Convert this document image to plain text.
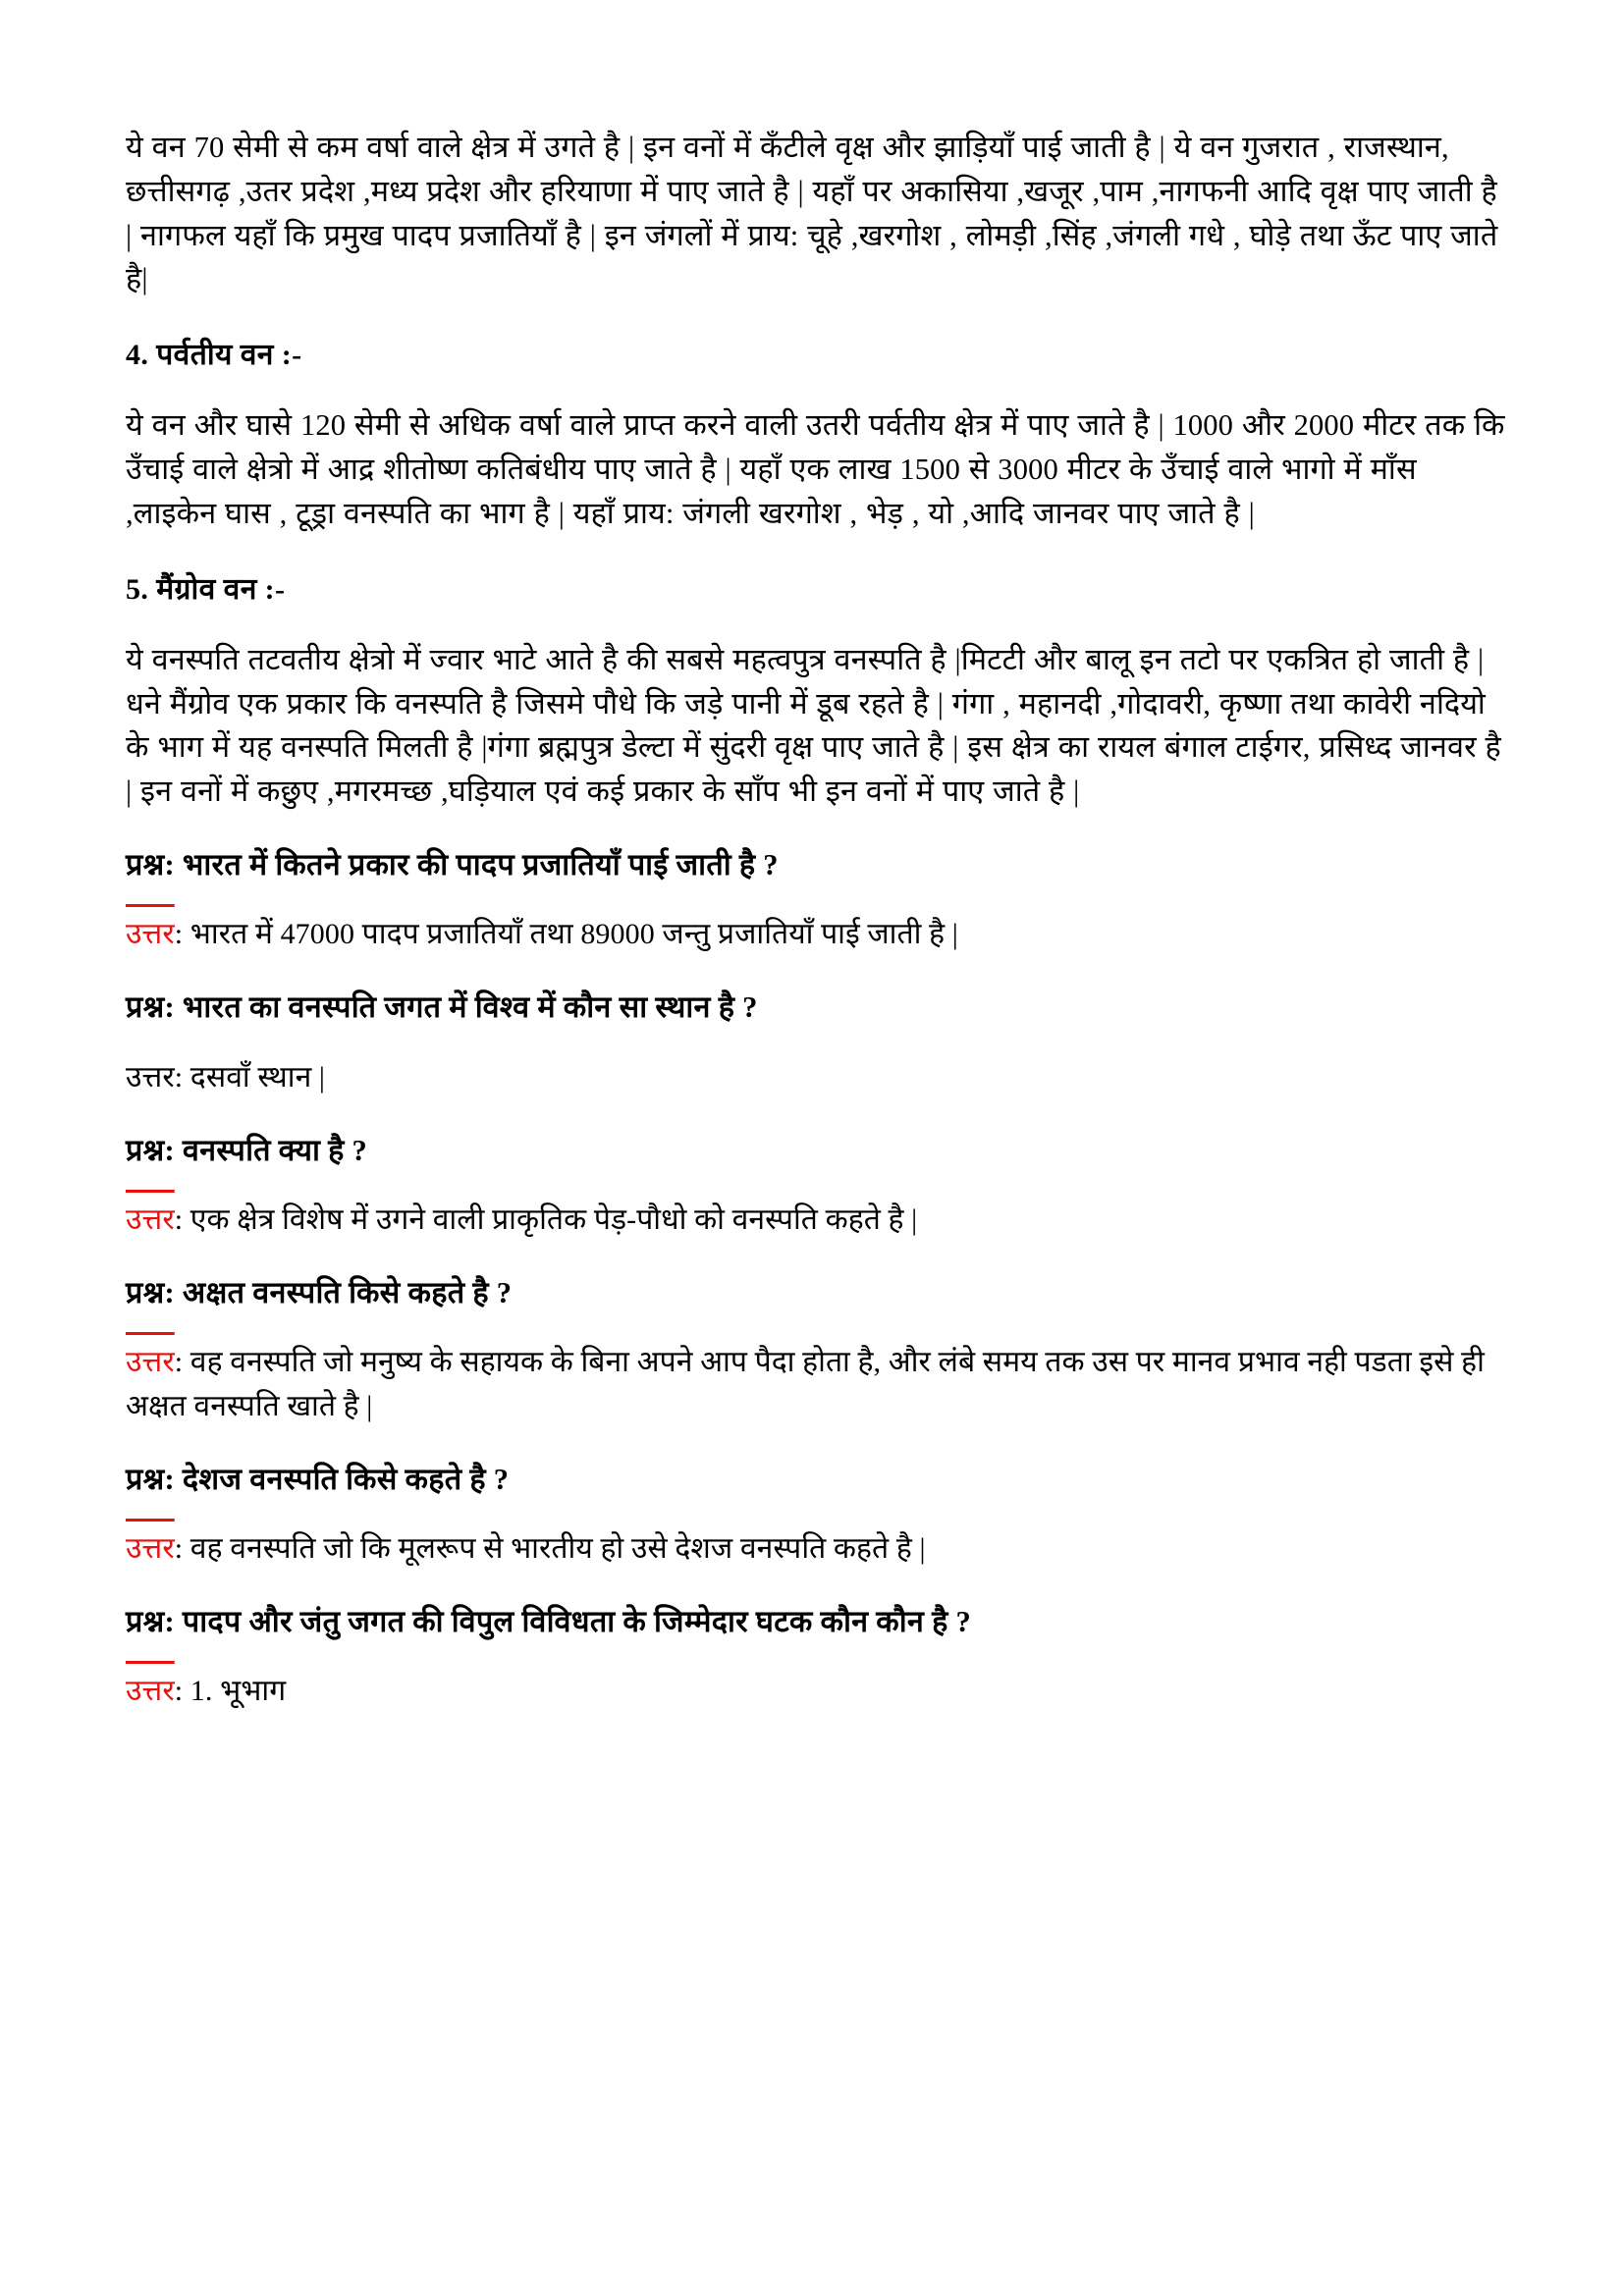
ये वन 70 सेमी से कम वर्षा वाले क्षेत्र में उगते है | इन वनों में कँटीले वृक्ष और झाड़ियाँ पाई जाती है | ये वन गुजरात , राजस्थान, छत्तीसगढ़ ,उतर प्रदेश ,मध्य प्रदेश और हरियाणा में पाए जाते है | यहाँ पर अकासिया ,खजूर ,पाम ,नागफनी आदि वृक्ष पाए जाती है | नागफल यहाँ कि प्रमुख पादप प्रजातियाँ है | इन जंगलों में प्राय: चूहे ,खरगोश , लोमड़ी ,सिंह ,जंगली गधे , घोड़े तथा ऊँट पाए जाते है|

4. पर्वतीय वन :-

ये वन और घासे 120 सेमी से अधिक वर्षा वाले प्राप्त करने वाली उतरी पर्वतीय क्षेत्र में पाए जाते है | 1000 और 2000 मीटर तक कि उँचाई वाले क्षेत्रो में आद्र शीतोष्ण कतिबंधीय पाए जाते है | यहाँ एक लाख 1500 से 3000 मीटर के उँचाई वाले भागो में माँस ,लाइकेन घास , टूड्रा वनस्पति का भाग है | यहाँ प्राय: जंगली खरगोश , भेड़ , यो ,आदि जानवर पाए जाते है |

5. मैंग्रोव वन :-

ये वनस्पति तटवतीय क्षेत्रो में ज्वार भाटे आते है की सबसे महत्वपुत्र वनस्पति है |मिटटी और बालू इन तटो पर एकत्रित हो जाती है | धने मैंग्रोव एक प्रकार कि वनस्पति है जिसमे पौधे कि जड़े पानी में डूब रहते है | गंगा , महानदी ,गोदावरी, कृष्णा तथा कावेरी नदियो के भाग में यह वनस्पति मिलती है |गंगा ब्रह्मपुत्र डेल्टा में सुंदरी वृक्ष पाए जाते है | इस क्षेत्र का रायल बंगाल टाईगर, प्रसिध्द जानवर है | इन वनों में कछुए ,मगरमच्छ ,घड़ियाल एवं कई प्रकार के साँप भी इन वनों में पाए जाते है |

प्रश्न: भारत में कितने प्रकार की पादप प्रजातियाँ पाई जाती है ?

उत्तर: भारत में 47000 पादप प्रजातियाँ तथा 89000 जन्तु प्रजातियाँ पाई जाती है |

प्रश्न: भारत का वनस्पति जगत में विश्व में कौन सा स्थान है ?

उत्तर: दसवाँ स्थान |

प्रश्न: वनस्पति क्या है ?

उत्तर: एक क्षेत्र विशेष में उगने वाली प्राकृतिक पेड़-पौधो को वनस्पति कहते है |

प्रश्न: अक्षत वनस्पति किसे कहते है ?

उत्तर: वह वनस्पति जो मनुष्य के सहायक के बिना अपने आप पैदा होता है, और लंबे समय तक उस पर मानव प्रभाव नही पडता इसे ही अक्षत वनस्पति खाते है |

प्रश्न: देशज वनस्पति किसे कहते है ?

उत्तर: वह वनस्पति जो कि मूलरूप से भारतीय हो उसे देशज वनस्पति कहते है |

प्रश्न: पादप और जंतु जगत की विपुल विविधता के जिम्मेदार घटक कौन कौन है ?

उत्तर: 1. भूभाग
